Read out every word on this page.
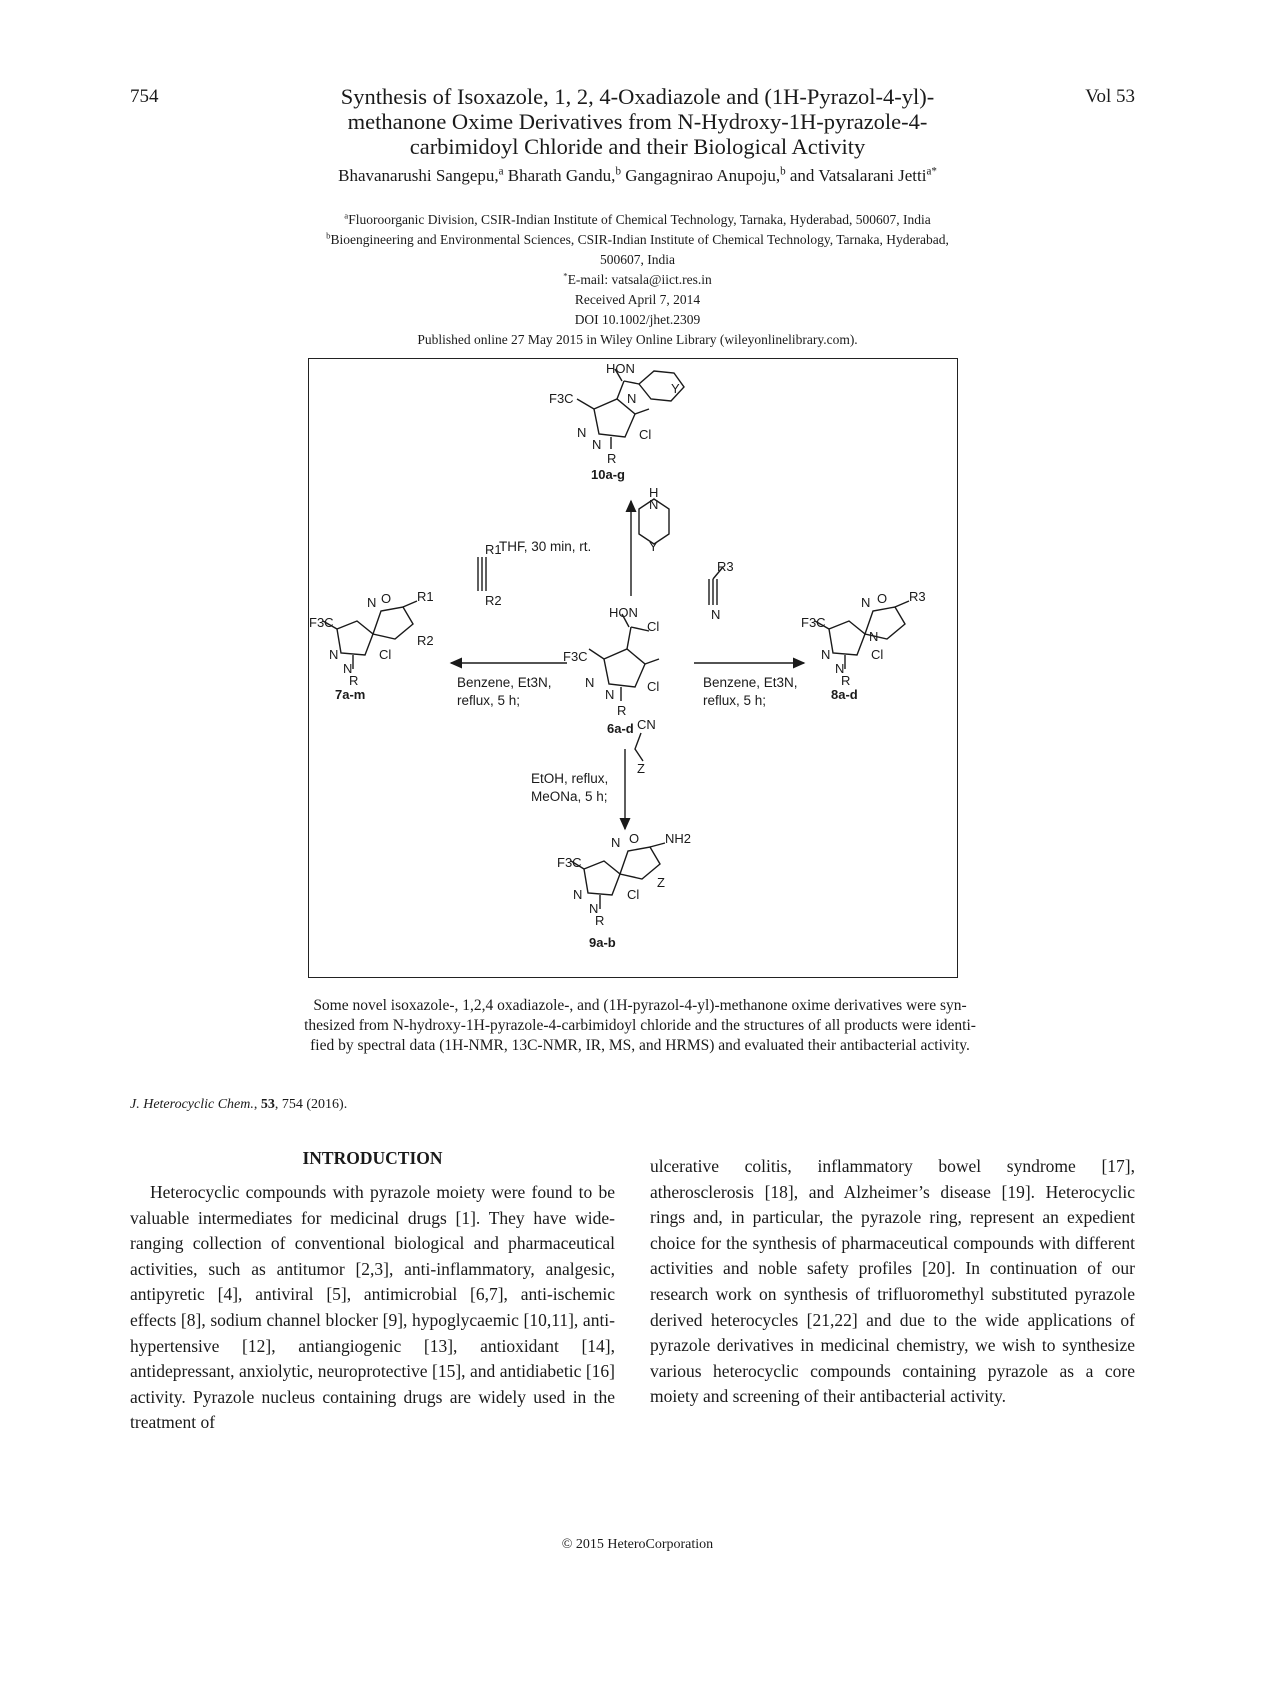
754	Vol 53
Synthesis of Isoxazole, 1, 2, 4-Oxadiazole and (1H-Pyrazol-4-yl)-
methanone Oxime Derivatives from N-Hydroxy-1H-pyrazole-4-
carbimidoyl Chloride and their Biological Activity
Bhavanarushi Sangepu,$^a$ Bharath Gandu,$^b$ Gangagnirao Anupoju,$^b$ and Vatsalarani Jetti$^{a*}$
$^a$Fluoroorganic Division, CSIR-Indian Institute of Chemical Technology, Tarnaka, Hyderabad, 500607, India
$^b$Bioengineering and Environmental Sciences, CSIR-Indian Institute of Chemical Technology, Tarnaka, Hyderabad,
500607, India
*E-mail: vatsala@iict.res.in
Received April 7, 2014
DOI 10.1002/jhet.2309
Published online 27 May 2015 in Wiley Online Library (wileyonlinelibrary.com).
HON
F3C	N
N	Cl
N
R
Y
H
N
Y
HON
F3C
Cl
N
N
Cl
R
R1
R2
R3
N
CN
Z
F3C
N O R1
R2
N
N
Cl
R
F3C
N O R3
N
N
N
Cl
R
F3C
N O NH2
Z
N
N
Cl
R
10a-g
6a-d
7a-m	8a-d
9a-b
THF, 30 min, rt.
Benzene, Et3N,
reflux, 5 h;
Benzene, Et3N,
reflux, 5 h;
EtOH, reflux,
MeONa, 5 h;
Some novel isoxazole-, 1,2,4 oxadiazole-, and (1H-pyrazol-4-yl)-methanone oxime derivatives were syn-
thesized from N-hydroxy-1H-pyrazole-4-carbimidoyl chloride and the structures of all products were identi-
fied by spectral data (1H-NMR, 13C-NMR, IR, MS, and HRMS) and evaluated their antibacterial activity.
J. Heterocyclic Chem., 53, 754 (2016).
INTRODUCTION
Heterocyclic compounds with pyrazole moiety were found to be valuable intermediates for medicinal drugs [1]. They have wide-ranging collection of conventional biological and pharmaceutical activities, such as antitumor [2,3], anti-inflammatory, analgesic, antipyretic [4], antiviral [5], antimicrobial [6,7], anti-ischemic effects [8], sodium channel blocker [9], hypoglycaemic [10,11], anti-hypertensive [12], antiangiogenic [13], antioxidant [14], antidepressant, anxiolytic, neuroprotective [15], and antidiabetic [16] activity. Pyrazole nucleus containing drugs are widely used in the treatment of
ulcerative colitis, inflammatory bowel syndrome [17], atherosclerosis [18], and Alzheimer’s disease [19]. Heterocyclic rings and, in particular, the pyrazole ring, represent an expedient choice for the synthesis of pharmaceutical compounds with different activities and noble safety profiles [20]. In continuation of our research work on synthesis of trifluoromethyl substituted pyrazole derived heterocycles [21,22] and due to the wide applications of pyrazole derivatives in medicinal chemistry, we wish to synthesize various heterocyclic compounds containing pyrazole as a core moiety and screening of their antibacterial activity.
© 2015 HeteroCorporation
